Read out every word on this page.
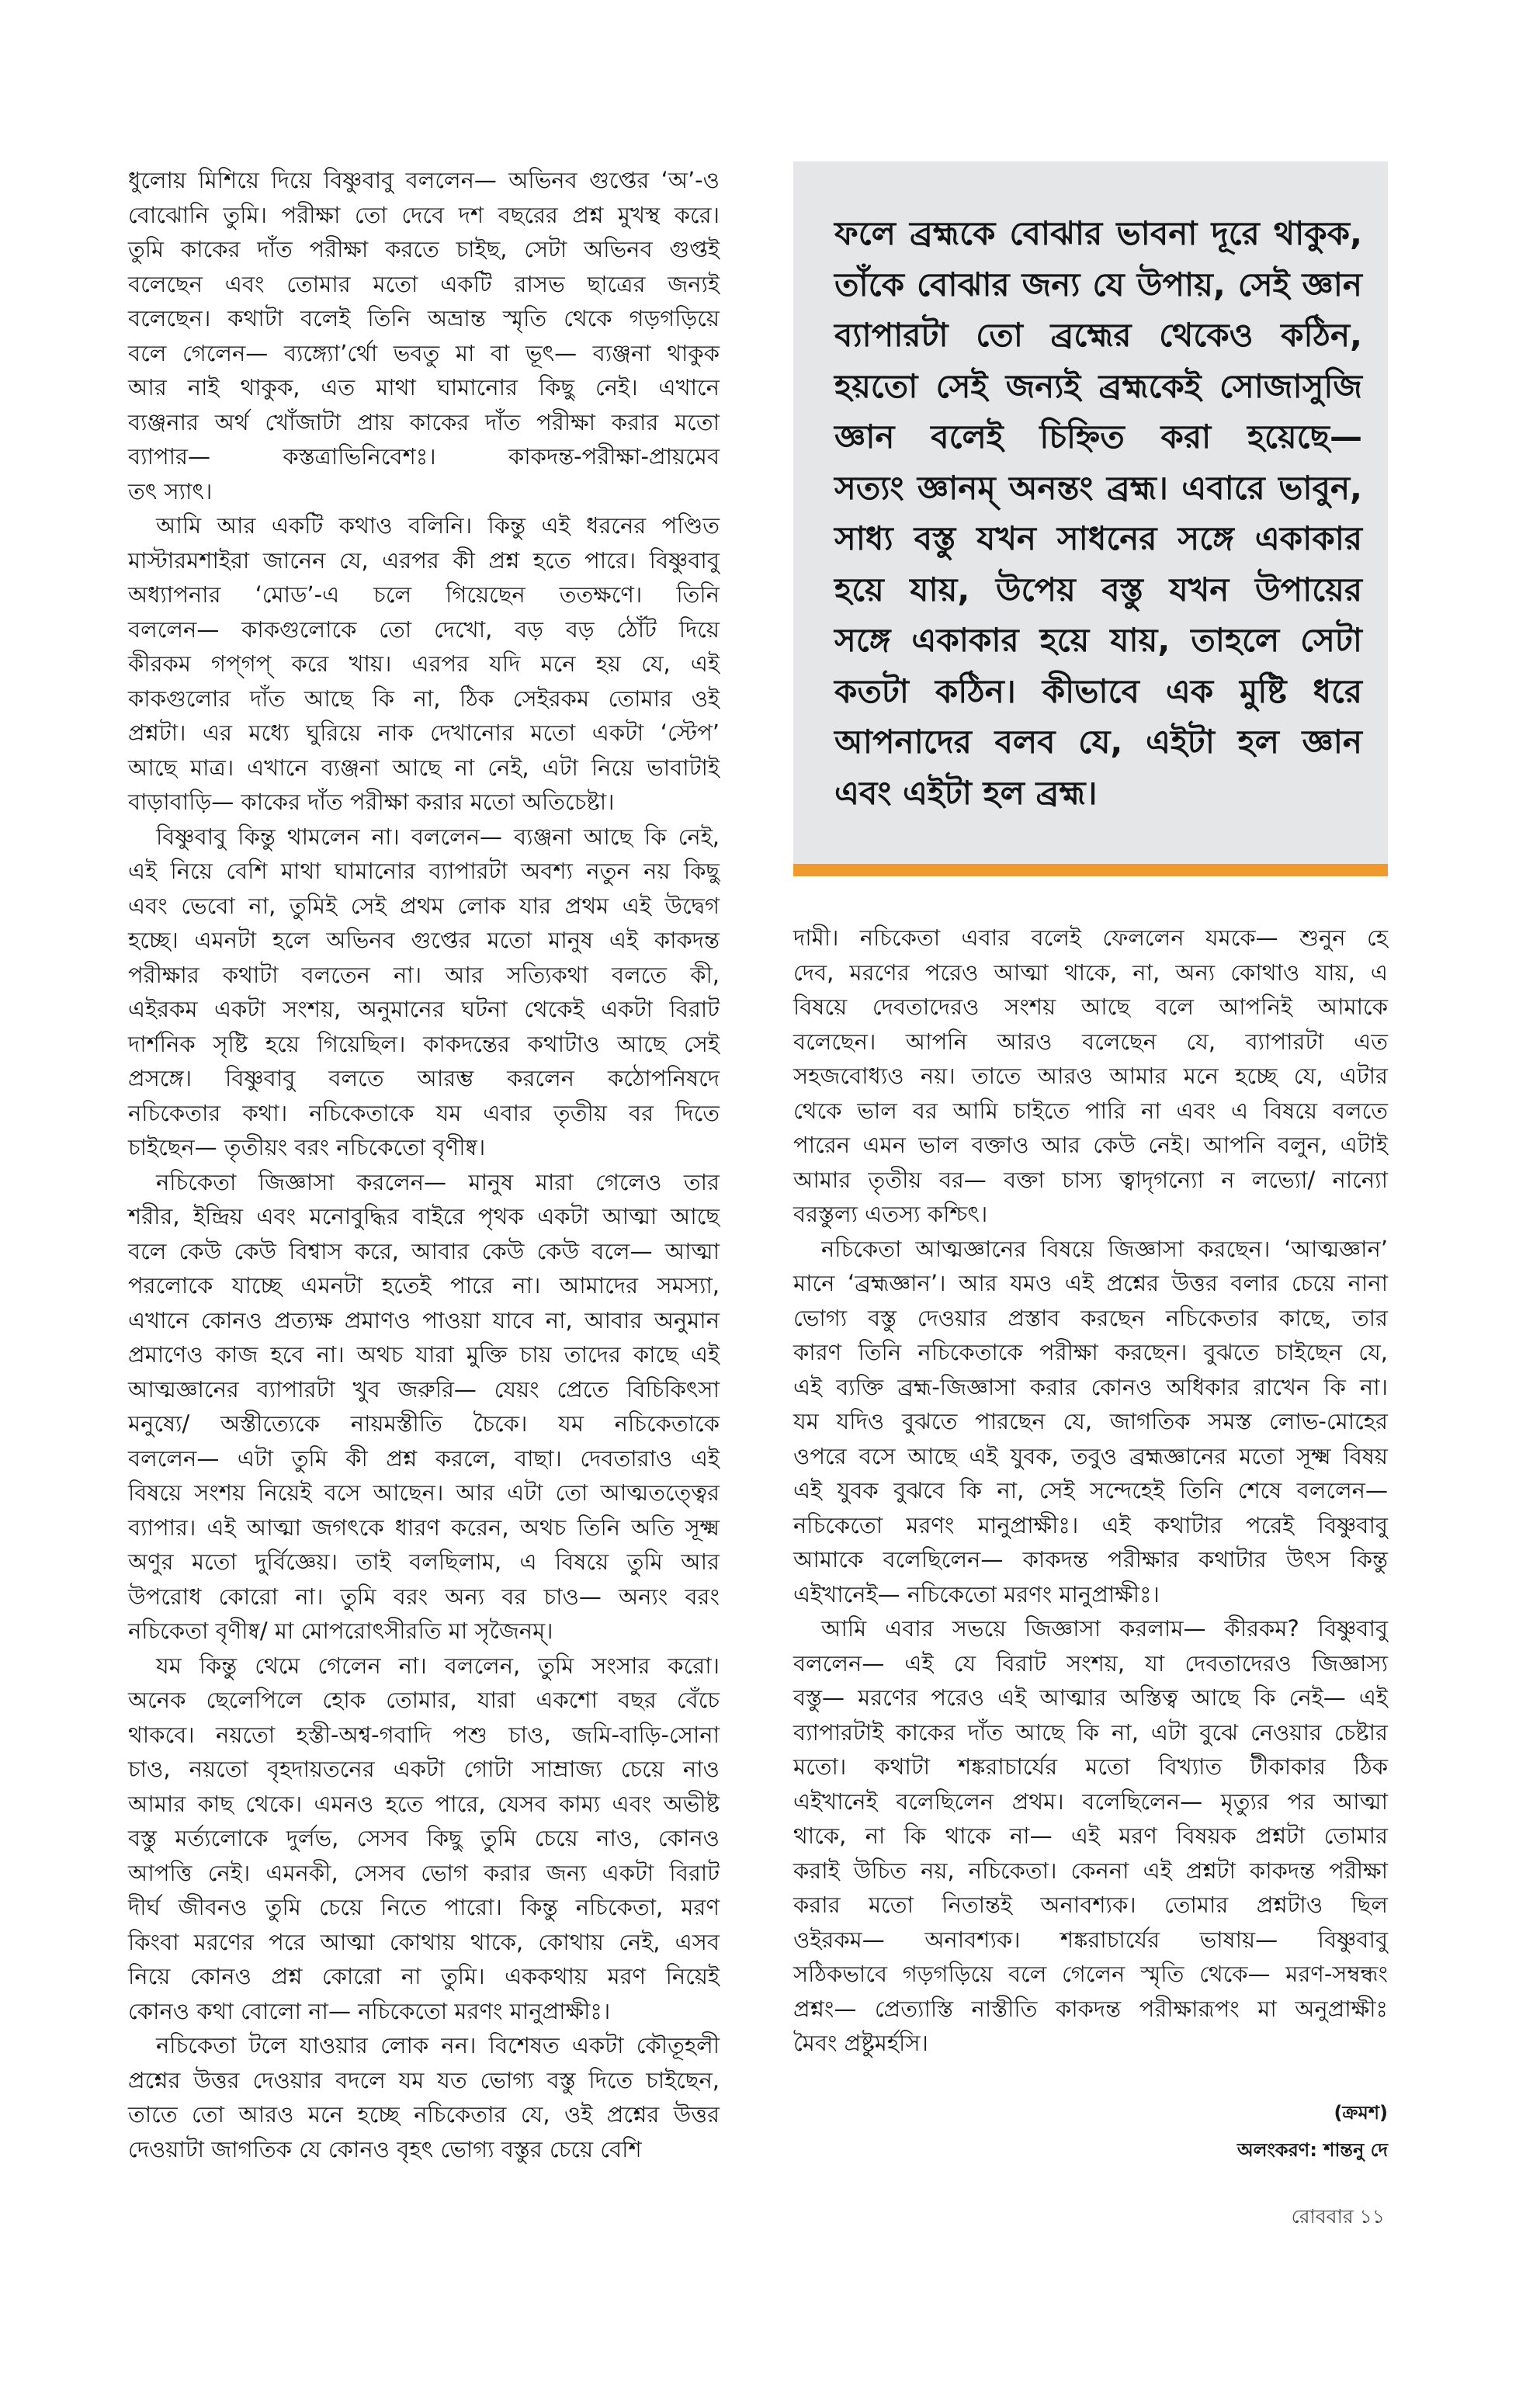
ধুলোয় মিশিয়ে দিয়ে বিষ্ণুবাবু বললেন— অভিনব গুপ্তের ‘অ’-ও
বোঝোনি তুমি। পরীক্ষা তো দেবে দশ বছরের প্রশ্ন মুখস্থ করে।
তুমি কাকের দাঁত পরীক্ষা করতে চাইছ, সেটা অভিনব গুপ্তই
বলেছেন এবং তোমার মতো একটি রাসভ ছাত্রের জন্যই
বলেছেন। কথাটা বলেই তিনি অভ্রান্ত স্মৃতি থেকে গড়গড়িয়ে
বলে গেলেন— ব্যঙ্গ্যো’র্থো ভবতু মা বা ভূৎ— ব্যঞ্জনা থাকুক
আর নাই থাকুক, এত মাথা ঘামানোর কিছু নেই। এখানে
ব্যঞ্জনার অর্থ খোঁজাটা প্রায় কাকের দাঁত পরীক্ষা করার মতো
ব্যাপার— কস্তত্রাভিনিবেশঃ। কাকদন্ত-পরীক্ষা-প্রায়মেব
তৎ স্যাৎ।
আমি আর একটি কথাও বলিনি। কিন্তু এই ধরনের পণ্ডিত
মাস্টারমশাইরা জানেন যে, এরপর কী প্রশ্ন হতে পারে। বিষ্ণুবাবু
অধ্যাপনার ‘মোড’-এ চলে গিয়েছেন ততক্ষণে। তিনি
বললেন— কাকগুলোকে তো দেখো, বড় বড় ঠোঁট দিয়ে
কীরকম গপ্‌গপ্ করে খায়। এরপর যদি মনে হয় যে, এই
কাকগুলোর দাঁত আছে কি না, ঠিক সেইরকম তোমার ওই
প্রশ্নটা। এর মধ্যে ঘুরিয়ে নাক দেখানোর মতো একটা ‘স্টেপ’
আছে মাত্র। এখানে ব্যঞ্জনা আছে না নেই, এটা নিয়ে ভাবাটাই
বাড়াবাড়ি— কাকের দাঁত পরীক্ষা করার মতো অতিচেষ্টা।
বিষ্ণুবাবু কিন্তু থামলেন না। বললেন— ব্যঞ্জনা আছে কি নেই,
এই নিয়ে বেশি মাথা ঘামানোর ব্যাপারটা অবশ্য নতুন নয় কিছু
এবং ভেবো না, তুমিই সেই প্রথম লোক যার প্রথম এই উদ্বেগ
হচ্ছে। এমনটা হলে অভিনব গুপ্তের মতো মানুষ এই কাকদন্ত
পরীক্ষার কথাটা বলতেন না। আর সত্যিকথা বলতে কী,
এইরকম একটা সংশয়, অনুমানের ঘটনা থেকেই একটা বিরাট
দার্শনিক সৃষ্টি হয়ে গিয়েছিল। কাকদন্তের কথাটাও আছে সেই
প্রসঙ্গে। বিষ্ণুবাবু বলতে আরম্ভ করলেন কঠোপনিষদে
নচিকেতার কথা। নচিকেতাকে যম এবার তৃতীয় বর দিতে
চাইছেন— তৃতীয়ং বরং নচিকেতো বৃণীষ্ব।
নচিকেতা জিজ্ঞাসা করলেন— মানুষ মারা গেলেও তার
শরীর, ইন্দ্রিয় এবং মনোবুদ্ধির বাইরে পৃথক একটা আত্মা আছে
বলে কেউ কেউ বিশ্বাস করে, আবার কেউ কেউ বলে— আত্মা
পরলোকে যাচ্ছে এমনটা হতেই পারে না। আমাদের সমস্যা,
এখানে কোনও প্রত্যক্ষ প্রমাণও পাওয়া যাবে না, আবার অনুমান
প্রমাণেও কাজ হবে না। অথচ যারা মুক্তি চায় তাদের কাছে এই
আত্মজ্ঞানের ব্যাপারটা খুব জরুরি— যেয়ং প্রেতে বিচিকিৎসা
মনুষ্যে/ অস্তীত্যেকে নায়মস্তীতি চৈকে। যম নচিকেতাকে
বললেন— এটা তুমি কী প্রশ্ন করলে, বাছা। দেবতারাও এই
বিষয়ে সংশয় নিয়েই বসে আছেন। আর এটা তো আত্মতত্ত্বের
ব্যাপার। এই আত্মা জগৎকে ধারণ করেন, অথচ তিনি অতি সূক্ষ্ম
অণুর মতো দুর্বিজ্ঞেয়। তাই বলছিলাম, এ বিষয়ে তুমি আর
উপরোধ কোরো না। তুমি বরং অন্য বর চাও— অন্যং বরং
নচিকেতা বৃণীষ্ব/ মা মোপরোৎসীরতি মা সৃজৈনম্।
যম কিন্তু থেমে গেলেন না। বললেন, তুমি সংসার করো।
অনেক ছেলেপিলে হোক তোমার, যারা একশো বছর বেঁচে
থাকবে। নয়তো হস্তী-অশ্ব-গবাদি পশু চাও, জমি-বাড়ি-সোনা
চাও, নয়তো বৃহদায়তনের একটা গোটা সাম্রাজ্য চেয়ে নাও
আমার কাছ থেকে। এমনও হতে পারে, যেসব কাম্য এবং অভীষ্ট
বস্তু মর্ত্যলোকে দুর্লভ, সেসব কিছু তুমি চেয়ে নাও, কোনও
আপত্তি নেই। এমনকী, সেসব ভোগ করার জন্য একটা বিরাট
দীর্ঘ জীবনও তুমি চেয়ে নিতে পারো। কিন্তু নচিকেতা, মরণ
কিংবা মরণের পরে আত্মা কোথায় থাকে, কোথায় নেই, এসব
নিয়ে কোনও প্রশ্ন কোরো না তুমি। এককথায় মরণ নিয়েই
কোনও কথা বোলো না— নচিকেতো মরণং মানুপ্রাক্ষীঃ।
নচিকেতা টলে যাওয়ার লোক নন। বিশেষত একটা কৌতূহলী
প্রশ্নের উত্তর দেওয়ার বদলে যম যত ভোগ্য বস্তু দিতে চাইছেন,
তাতে তো আরও মনে হচ্ছে নচিকেতার যে, ওই প্রশ্নের উত্তর
দেওয়াটা জাগতিক যে কোনও বৃহৎ ভোগ্য বস্তুর চেয়ে বেশি
ফলে ব্রহ্মকে বোঝার ভাবনা দূরে থাকুক,
তাঁকে বোঝার জন্য যে উপায়, সেই জ্ঞান
ব্যাপারটা তো ব্রহ্মের থেকেও কঠিন,
হয়তো সেই জন্যই ব্রহ্মকেই সোজাসুজি
জ্ঞান বলেই চিহ্নিত করা হয়েছে—
সত্যং জ্ঞানম্‌ অনন্তং ব্রহ্ম। এবারে ভাবুন,
সাধ্য বস্তু যখন সাধনের সঙ্গে একাকার
হয়ে যায়, উপেয় বস্তু যখন উপায়ের
সঙ্গে একাকার হয়ে যায়, তাহলে সেটা
কতটা কঠিন। কীভাবে এক মুষ্টি ধরে
আপনাদের বলব যে, এইটা হল জ্ঞান
এবং এইটা হল ব্রহ্ম।
দামী। নচিকেতা এবার বলেই ফেললেন যমকে— শুনুন হে
দেব, মরণের পরেও আত্মা থাকে, না, অন্য কোথাও যায়, এ
বিষয়ে দেবতাদেরও সংশয় আছে বলে আপনিই আমাকে
বলেছেন। আপনি আরও বলেছেন যে, ব্যাপারটা এত
সহজবোধ্যও নয়। তাতে আরও আমার মনে হচ্ছে যে, এটার
থেকে ভাল বর আমি চাইতে পারি না এবং এ বিষয়ে বলতে
পারেন এমন ভাল বক্তাও আর কেউ নেই। আপনি বলুন, এটাই
আমার তৃতীয় বর— বক্তা চাস্য ত্বাদৃগন্যো ন লভ্যো/ নান্যো
বরস্তুল্য এতস্য কশ্চিৎ।
নচিকেতা আত্মজ্ঞানের বিষয়ে জিজ্ঞাসা করছেন। ‘আত্মজ্ঞান’
মানে ‘ব্রহ্মজ্ঞান’। আর যমও এই প্রশ্নের উত্তর বলার চেয়ে নানা
ভোগ্য বস্তু দেওয়ার প্রস্তাব করছেন নচিকেতার কাছে, তার
কারণ তিনি নচিকেতাকে পরীক্ষা করছেন। বুঝতে চাইছেন যে,
এই ব্যক্তি ব্রহ্ম-জিজ্ঞাসা করার কোনও অধিকার রাখেন কি না।
যম যদিও বুঝতে পারছেন যে, জাগতিক সমস্ত লোভ-মোহের
ওপরে বসে আছে এই যুবক, তবুও ব্রহ্মজ্ঞানের মতো সূক্ষ্ম বিষয়
এই যুবক বুঝবে কি না, সেই সন্দেহেই তিনি শেষে বললেন—
নচিকেতো মরণং মানুপ্রাক্ষীঃ। এই কথাটার পরেই বিষ্ণুবাবু
আমাকে বলেছিলেন— কাকদন্ত পরীক্ষার কথাটার উৎস কিন্তু
এইখানেই— নচিকেতো মরণং মানুপ্রাক্ষীঃ।
আমি এবার সভয়ে জিজ্ঞাসা করলাম— কীরকম? বিষ্ণুবাবু
বললেন— এই যে বিরাট সংশয়, যা দেবতাদেরও জিজ্ঞাস্য
বস্তু— মরণের পরেও এই আত্মার অস্তিত্ব আছে কি নেই— এই
ব্যাপারটাই কাকের দাঁত আছে কি না, এটা বুঝে নেওয়ার চেষ্টার
মতো। কথাটা শঙ্করাচার্যের মতো বিখ্যাত টীকাকার ঠিক
এইখানেই বলেছিলেন প্রথম। বলেছিলেন— মৃত্যুর পর আত্মা
থাকে, না কি থাকে না— এই মরণ বিষয়ক প্রশ্নটা তোমার
করাই উচিত নয়, নচিকেতা। কেননা এই প্রশ্নটা কাকদন্ত পরীক্ষা
করার মতো নিতান্তই অনাবশ্যক। তোমার প্রশ্নটাও ছিল
ওইরকম— অনাবশ্যক। শঙ্করাচার্যের ভাষায়— বিষ্ণুবাবু
সঠিকভাবে গড়গড়িয়ে বলে গেলেন স্মৃতি থেকে— মরণ-সম্বন্ধং
প্রশ্নং— প্রেত্যাস্তি নাস্তীতি কাকদন্ত পরীক্ষারূপং মা অনুপ্রাক্ষীঃ
মৈবং প্রষ্টুমর্হসি।
(ক্রমশ)
অলংকরণ: শান্তনু দে
রোববার ১১
